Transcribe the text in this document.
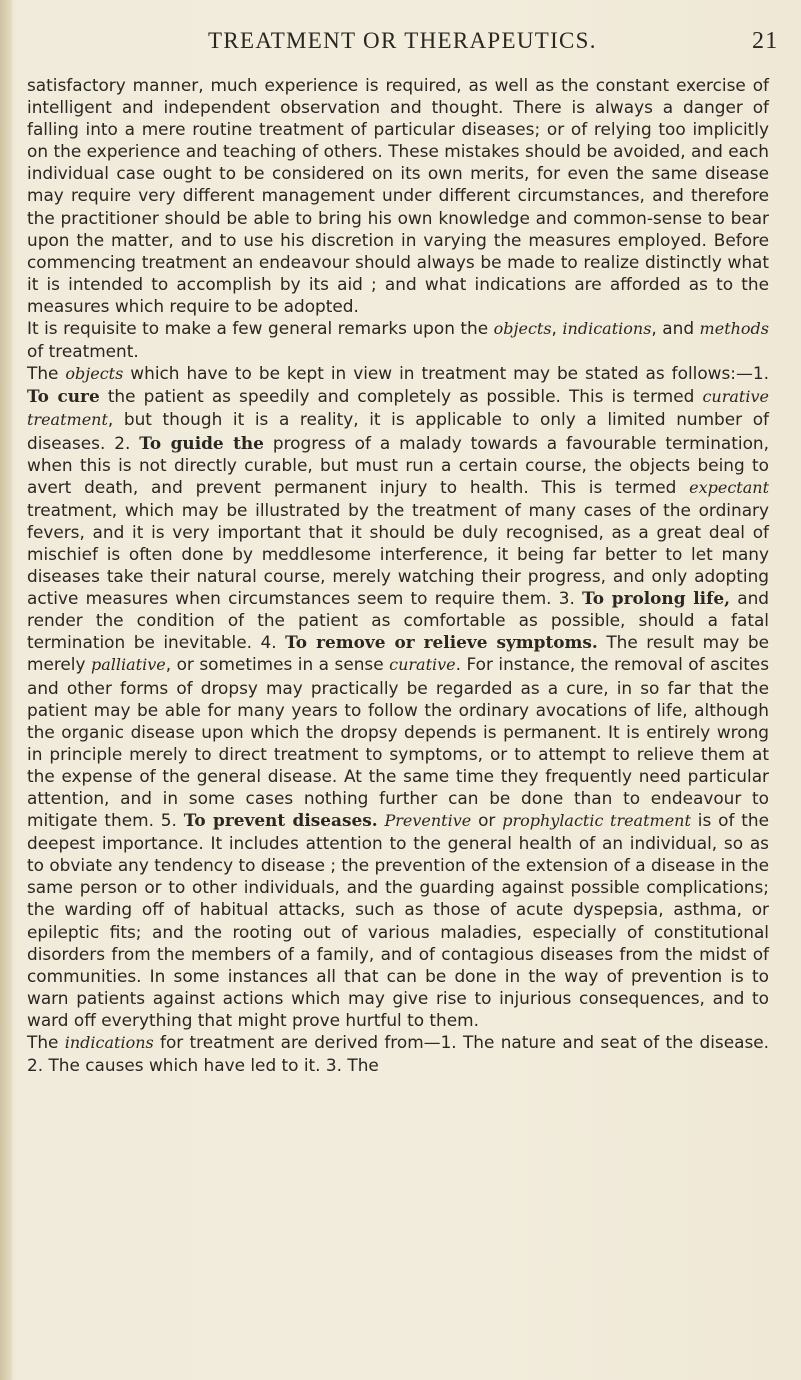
TREATMENT OR THERAPEUTICS.	21

satisfactory manner, much experience is required, as well as the constant exercise of intelligent and independent observation and thought. There is always a danger of falling into a mere routine treatment of particular diseases; or of relying too implicitly on the experience and teaching of others. These mistakes should be avoided, and each individual case ought to be considered on its own merits, for even the same disease may require very different management under different circumstances, and therefore the practitioner should be able to bring his own knowledge and common-sense to bear upon the matter, and to use his discretion in varying the measures employed. Before commencing treatment an endeavour should always be made to realize distinctly what it is intended to accomplish by its aid ; and what indications are afforded as to the measures which require to be adopted.

It is requisite to make a few general remarks upon the objects, indications, and methods of treatment.

The objects which have to be kept in view in treatment may be stated as follows:—1. To cure the patient as speedily and completely as possible. This is termed curative treatment, but though it is a reality, it is applicable to only a limited number of diseases. 2. To guide the progress of a malady towards a favourable termination, when this is not directly curable, but must run a certain course, the objects being to avert death, and prevent permanent injury to health. This is termed expectant treatment, which may be illustrated by the treatment of many cases of the ordinary fevers, and it is very important that it should be duly recognised, as a great deal of mischief is often done by meddlesome interference, it being far better to let many diseases take their natural course, merely watching their progress, and only adopting active measures when circumstances seem to require them. 3. To prolong life, and render the condition of the patient as comfortable as possible, should a fatal termination be inevitable. 4. To remove or relieve symptoms. The result may be merely palliative, or sometimes in a sense curative. For instance, the removal of ascites and other forms of dropsy may practically be regarded as a cure, in so far that the patient may be able for many years to follow the ordinary avocations of life, although the organic disease upon which the dropsy depends is permanent. It is entirely wrong in principle merely to direct treatment to symptoms, or to attempt to relieve them at the expense of the general disease. At the same time they frequently need particular attention, and in some cases nothing further can be done than to endeavour to mitigate them. 5. To prevent diseases. Preventive or prophylactic treatment is of the deepest importance. It includes attention to the general health of an individual, so as to obviate any tendency to disease ; the prevention of the extension of a disease in the same person or to other individuals, and the guarding against possible complications; the warding off of habitual attacks, such as those of acute dyspepsia, asthma, or epileptic fits; and the rooting out of various maladies, especially of constitutional disorders from the members of a family, and of contagious diseases from the midst of communities. In some instances all that can be done in the way of prevention is to warn patients against actions which may give rise to injurious consequences, and to ward off everything that might prove hurtful to them.

The indications for treatment are derived from—1. The nature and seat of the disease. 2. The causes which have led to it. 3. The
